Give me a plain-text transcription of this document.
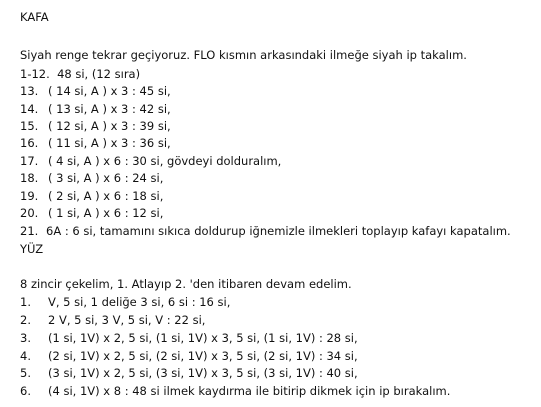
KAFA
Siyah renge tekrar geçiyoruz. FLO kısmın arkasındaki ilmeğe siyah ip takalım.
1-12. 48 si, (12 sıra)
13. ( 14 si, A ) x 3 : 45 si,
14. ( 13 si, A ) x 3 : 42 si,
15. ( 12 si, A ) x 3 : 39 si,
16. ( 11 si, A ) x 3 : 36 si,
17. ( 4 si, A ) x 6 : 30 si, gövdeyi dolduralım,
18. ( 3 si, A ) x 6 : 24 si,
19. ( 2 si, A ) x 6 : 18 si,
20. ( 1 si, A ) x 6 : 12 si,
21. 6A : 6 si, tamamını sıkıca doldurup iğnemizle ilmekleri toplayıp kafayı kapatalım.
YÜZ
8 zincir çekelim, 1. Atlayıp 2. 'den itibaren devam edelim.
1. V, 5 si, 1 deliğe 3 si, 6 si : 16 si,
2. 2 V, 5 si, 3 V, 5 si, V : 22 si,
3. (1 si, 1V) x 2, 5 si, (1 si, 1V) x 3, 5 si, (1 si, 1V) : 28 si,
4. (2 si, 1V) x 2, 5 si, (2 si, 1V) x 3, 5 si, (2 si, 1V) : 34 si,
5. (3 si, 1V) x 2, 5 si, (3 si, 1V) x 3, 5 si, (3 si, 1V) : 40 si,
6. (4 si, 1V) x 8 : 48 si ilmek kaydırma ile bitirip dikmek için ip bırakalım.
